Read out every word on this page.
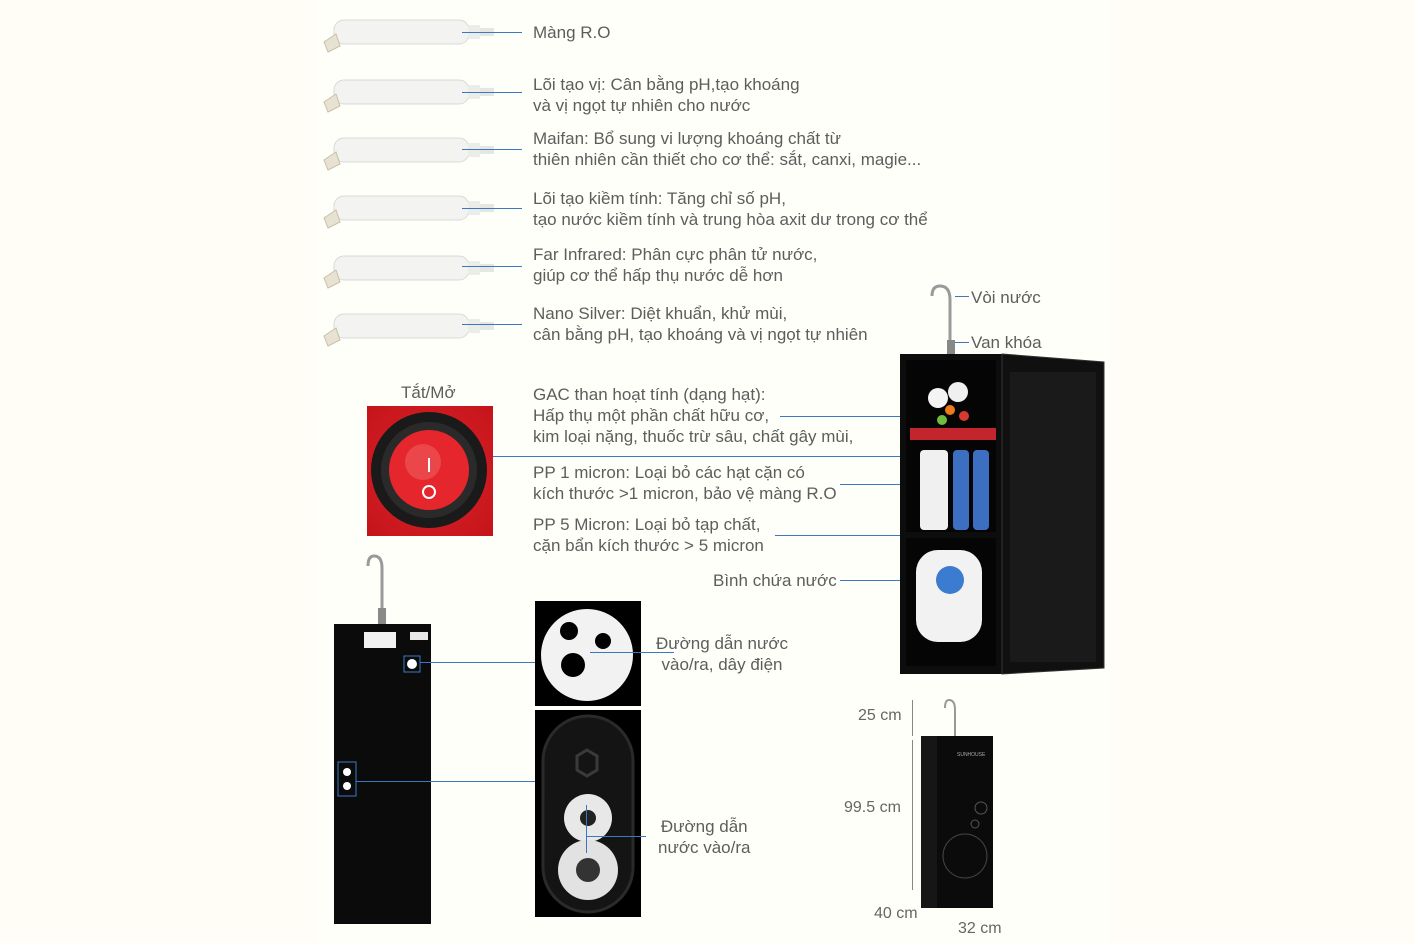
Màng R.O
Lõi tạo vị: Cân bằng pH,tạo khoáng
và vị ngọt tự nhiên cho nước
Maifan: Bổ sung vi lượng khoáng chất từ
thiên nhiên cần thiết cho cơ thể: sắt, canxi, magie...
Lõi tạo kiềm tính: Tăng chỉ số pH,
tạo nước kiềm tính và trung hòa axit dư trong cơ thể
Far Infrared: Phân cực phân tử nước,
giúp cơ thể hấp thụ nước dễ hơn
Nano Silver: Diệt khuẩn, khử mùi,
cân bằng pH, tạo khoáng và vị ngọt tự nhiên
Tắt/Mở	GAC than hoạt tính (dạng hạt):
Hấp thụ một phần chất hữu cơ,
kim loại nặng, thuốc trừ sâu, chất gây mùi,
PP 1 micron: Loại bỏ các hạt cặn có
kích thước >1 micron, bảo vệ màng R.O
PP 5 Micron: Loại bỏ tạp chất,
cặn bẩn kích thước > 5 micron
Bình chứa nước
Vòi nước
Van khóa
Đường dẫn nước
vào/ra, dây điện
Đường dẫn
nước vào/ra
SUNHOUSE
25 cm
99.5 cm
40 cm
32 cm
